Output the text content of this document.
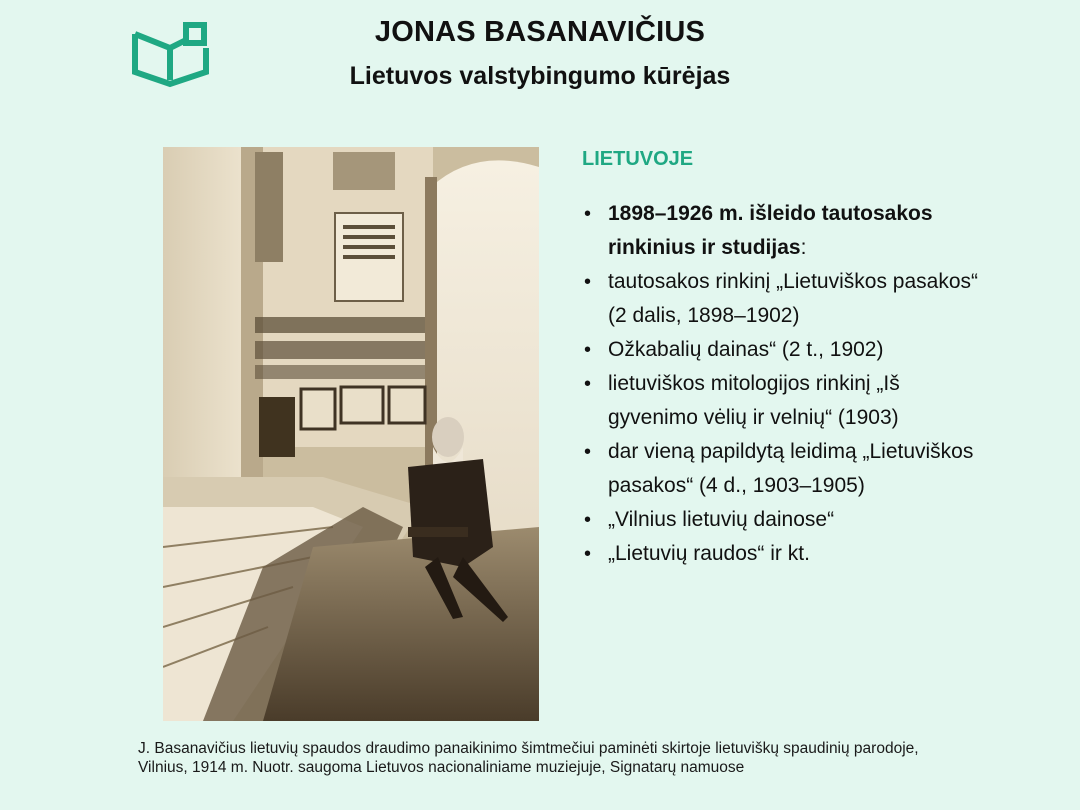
JONAS BASANAVIČIUS
Lietuvos valstybingumo kūrėjas
LIETUVOJE
• 1898–1926 m. išleido tautosakos rinkinius ir studijas:
• tautosakos rinkinį „Lietuviškos pasakos“ (2 dalis, 1898–1902)
• Ožkabalių dainas“ (2 t., 1902)
• lietuviškos mitologijos rinkinį „Iš gyvenimo vėlių ir velnių“ (1903)
• dar vieną papildytą leidimą „Lietuviškos pasakos“ (4 d., 1903–1905)
• „Vilnius lietuvių dainose“
• „Lietuvių raudos“ ir kt.
J. Basanavičius lietuvių spaudos draudimo panaikinimo šimtmečiui paminėti skirtoje lietuviškų spaudinių parodoje, Vilnius, 1914 m. Nuotr. saugoma Lietuvos nacionaliniame muziejuje, Signatarų namuose
